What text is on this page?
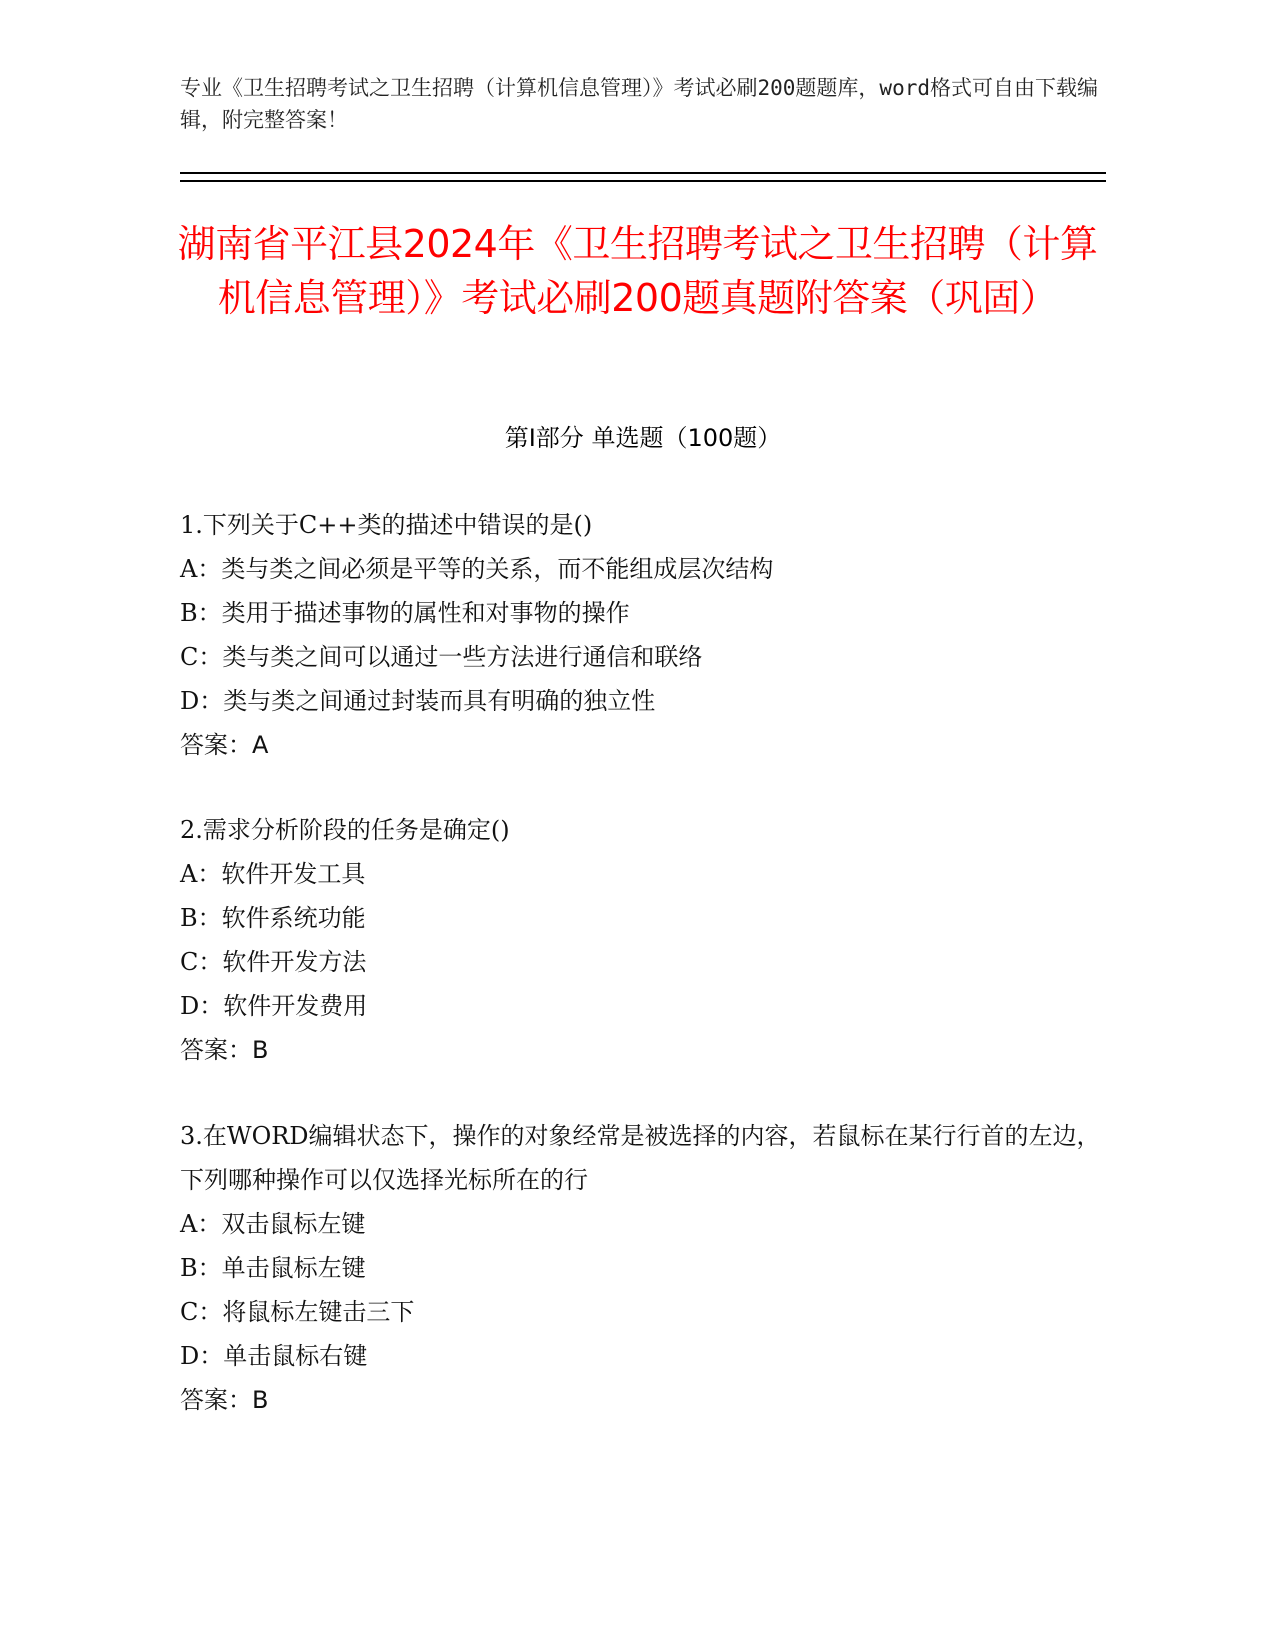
专业《卫生招聘考试之卫生招聘（计算机信息管理）》考试必刷200题题库，word格式可自由下载编辑，附完整答案！
湖南省平江县2024年《卫生招聘考试之卫生招聘（计算机信息管理）》考试必刷200题真题附答案（巩固）
第Ⅰ部分 单选题（100题）
1.下列关于C++类的描述中错误的是()
A：类与类之间必须是平等的关系，而不能组成层次结构
B：类用于描述事物的属性和对事物的操作
C：类与类之间可以通过一些方法进行通信和联络
D：类与类之间通过封装而具有明确的独立性
答案：A
2.需求分析阶段的任务是确定()
A：软件开发工具
B：软件系统功能
C：软件开发方法
D：软件开发费用
答案：B
3.在WORD编辑状态下，操作的对象经常是被选择的内容，若鼠标在某行行首的左边，下列哪种操作可以仅选择光标所在的行
A：双击鼠标左键
B：单击鼠标左键
C：将鼠标左键击三下
D：单击鼠标右键
答案：B
